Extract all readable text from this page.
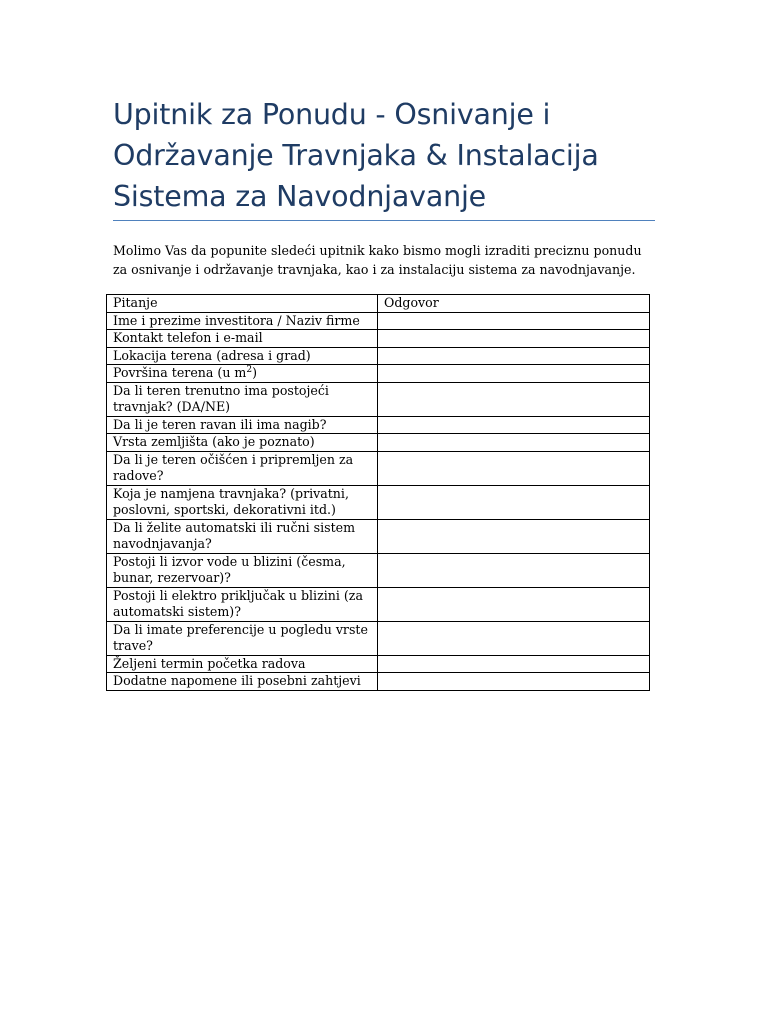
Upitnik za Ponudu - Osnivanje i Održavanje Travnjaka & Instalacija Sistema za Navodnjavanje

Molimo Vas da popunite sledeći upitnik kako bismo mogli izraditi preciznu ponudu za osnivanje i održavanje travnjaka, kao i za instalaciju sistema za navodnjavanje.

Pitanje	Odgovor
Ime i prezime investitora / Naziv firme	
Kontakt telefon i e-mail	
Lokacija terena (adresa i grad)	
Površina terena (u $m^2$)	
Da li teren trenutno ima postojeći travnjak? (DA/NE)	
Da li je teren ravan ili ima nagib?	
Vrsta zemljišta (ako je poznato)	
Da li je teren očišćen i pripremljen za radove?	
Koja je namjena travnjaka? (privatni, poslovni, sportski, dekorativni itd.)	
Da li želite automatski ili ručni sistem navodnjavanja?	
Postoji li izvor vode u blizini (česma, bunar, rezervoar)?	
Postoji li elektro priključak u blizini (za automatski sistem)?	
Da li imate preferencije u pogledu vrste trave?	
Željeni termin početka radova	
Dodatne napomene ili posebni zahtjevi	
